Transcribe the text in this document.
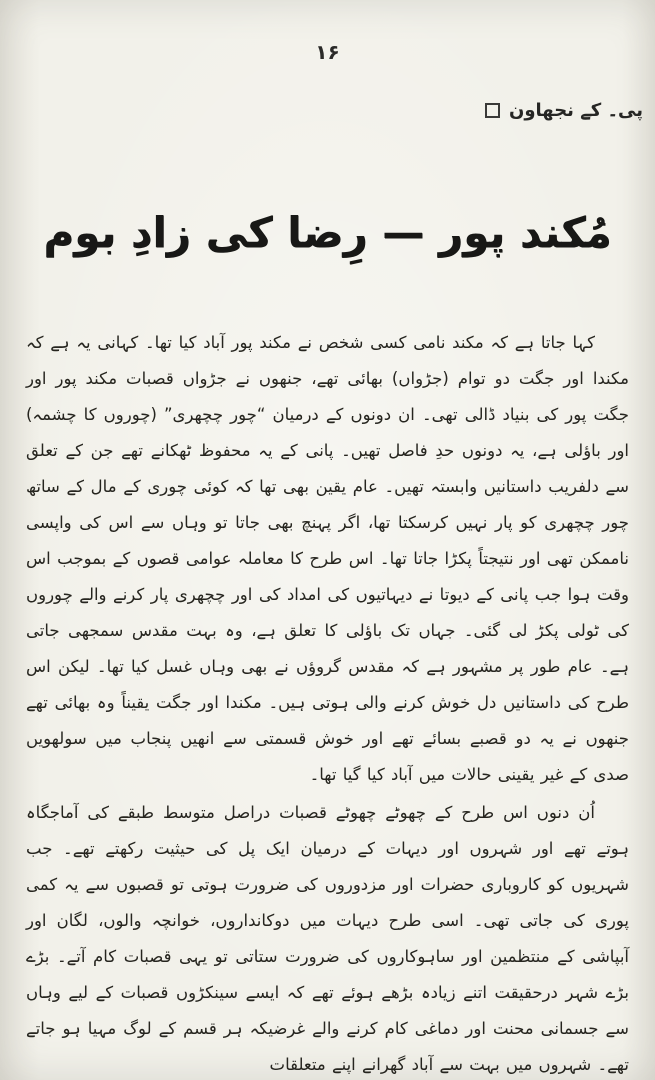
۱۶
پی۔ کے نجھاون
مُکند پور — رِضا کی زادِ بوم

کہا جاتا ہے کہ مکند نامی کسی شخص نے مکند پور آباد کیا تھا۔ کہانی یہ ہے کہ مکندا اور جگت دو توام (جڑواں) بھائی تھے، جنھوں نے جڑواں قصبات مکند پور اور جگت پور کی بنیاد ڈالی تھی۔ ان دونوں کے درمیان “چور چچھری” (چوروں کا چشمہ) اور باؤلی ہے، یہ دونوں حدِ فاصل تھیں۔ پانی کے یہ محفوظ ٹھکانے تھے جن کے تعلق سے دلفریب داستانیں وابستہ تھیں۔ عام یقین بھی تھا کہ کوئی چوری کے مال کے ساتھ چور چچھری کو پار نہیں کرسکتا تھا، اگر پہنچ بھی جاتا تو وہاں سے اس کی واپسی ناممکن تھی اور نتیجتاً پکڑا جاتا تھا۔ اس طرح کا معاملہ عوامی قصوں کے بموجب اس وقت ہوا جب پانی کے دیوتا نے دیہاتیوں کی امداد کی اور چچھری پار کرنے والے چوروں کی ٹولی پکڑ لی گئی۔ جہاں تک باؤلی کا تعلق ہے، وہ بہت مقدس سمجھی جاتی ہے۔ عام طور پر مشہور ہے کہ مقدس گروؤں نے بھی وہاں غسل کیا تھا۔ لیکن اس طرح کی داستانیں دل خوش کرنے والی ہوتی ہیں۔ مکندا اور جگت یقیناً وہ بھائی تھے جنھوں نے یہ دو قصبے بسائے تھے اور خوش قسمتی سے انھیں پنجاب میں سولھویں صدی کے غیر یقینی حالات میں آباد کیا گیا تھا۔

اُن دنوں اس طرح کے چھوٹے چھوٹے قصبات دراصل متوسط طبقے کی آماجگاہ ہوتے تھے اور شہروں اور دیہات کے درمیان ایک پل کی حیثیت رکھتے تھے۔ جب شہریوں کو کاروباری حضرات اور مزدوروں کی ضرورت ہوتی تو قصبوں سے یہ کمی پوری کی جاتی تھی۔ اسی طرح دیہات میں دوکانداروں، خوانچہ والوں، لگان اور آبپاشی کے منتظمین اور ساہوکاروں کی ضرورت ستاتی تو یہی قصبات کام آتے۔ بڑے بڑے شہر درحقیقت اتنے زیادہ بڑھے ہوئے تھے کہ ایسے سینکڑوں قصبات کے لیے وہاں سے جسمانی محنت اور دماغی کام کرنے والے غرضیکہ ہر قسم کے لوگ مہیا ہو جاتے تھے۔ شہروں میں بہت سے آباد گھرانے اپنے متعلقات
